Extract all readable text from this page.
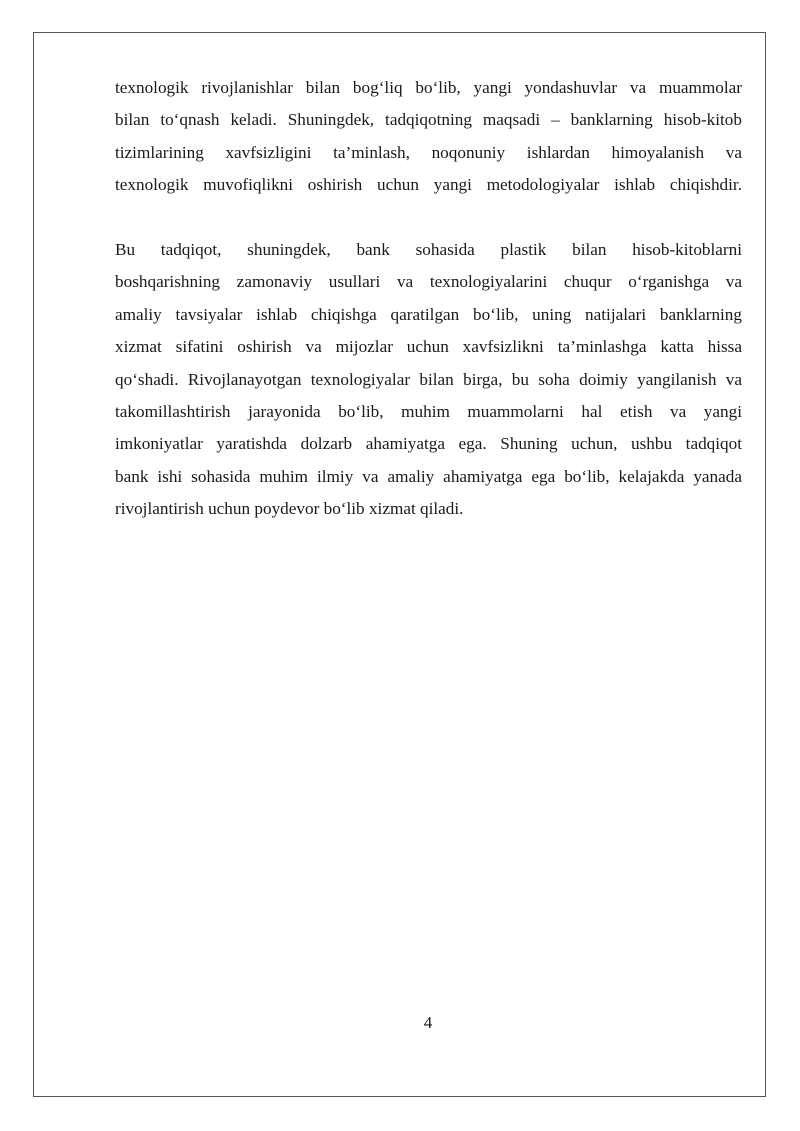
texnologik rivojlanishlar bilan bog‘liq bo‘lib, yangi yondashuvlar va muammolar
bilan to‘qnash keladi. Shuningdek, tadqiqotning maqsadi – banklarning hisob-kitob
tizimlarining xavfsizligini ta’minlash, noqonuniy ishlardan himoyalanish va
texnologik muvofiqlikni oshirish uchun yangi metodologiyalar ishlab chiqishdir.
Bu tadqiqot, shuningdek, bank sohasida plastik bilan hisob-kitoblarni
boshqarishning zamonaviy usullari va texnologiyalarini chuqur o‘rganishga va
amaliy tavsiyalar ishlab chiqishga qaratilgan bo‘lib, uning natijalari banklarning
xizmat sifatini oshirish va mijozlar uchun xavfsizlikni ta’minlashga katta hissa
qo‘shadi. Rivojlanayotgan texnologiyalar bilan birga, bu soha doimiy yangilanish va
takomillashtirish jarayonida bo‘lib, muhim muammolarni hal etish va yangi
imkoniyatlar yaratishda dolzarb ahamiyatga ega. Shuning uchun, ushbu tadqiqot
bank ishi sohasida muhim ilmiy va amaliy ahamiyatga ega bo‘lib, kelajakda yanada
rivojlantirish uchun poydevor bo‘lib xizmat qiladi.
4
